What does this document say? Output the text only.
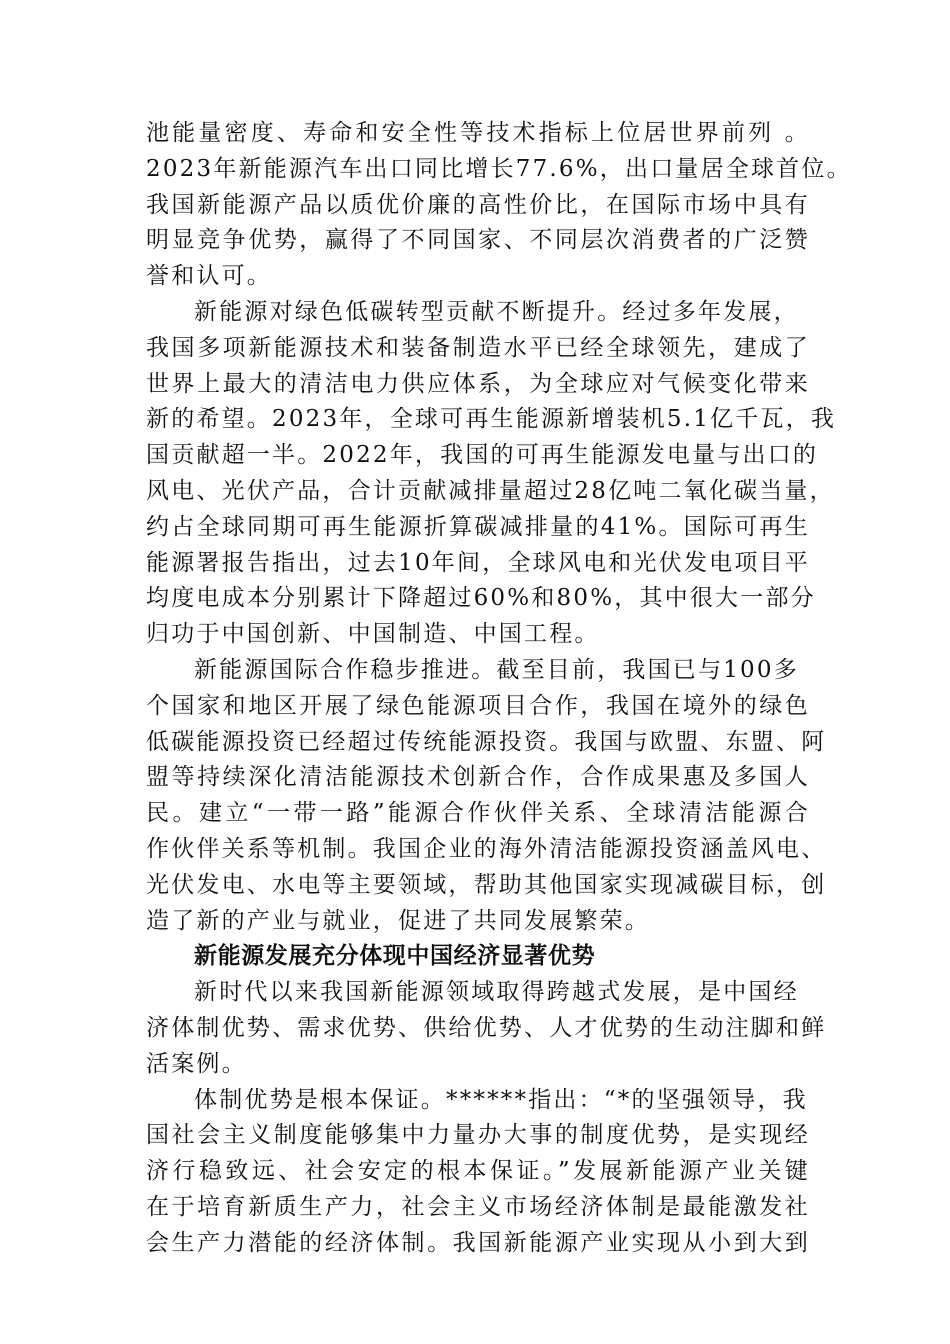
池能量密度、寿命和安全性等技术指标上位居世界前列 。
2023年新能源汽车出口同比增长77.6%，出口量居全球首位。
我国新能源产品以质优价廉的高性价比，在国际市场中具有
明显竞争优势，赢得了不同国家、不同层次消费者的广泛赞
誉和认可。
新能源对绿色低碳转型贡献不断提升。经过多年发展，
我国多项新能源技术和装备制造水平已经全球领先，建成了
世界上最大的清洁电力供应体系，为全球应对气候变化带来
新的希望。2023年，全球可再生能源新增装机5.1亿千瓦，我
国贡献超一半。2022年，我国的可再生能源发电量与出口的
风电、光伏产品，合计贡献减排量超过28亿吨二氧化碳当量，
约占全球同期可再生能源折算碳减排量的41%。国际可再生
能源署报告指出，过去10年间，全球风电和光伏发电项目平
均度电成本分别累计下降超过60%和80%，其中很大一部分
归功于中国创新、中国制造、中国工程。
新能源国际合作稳步推进。截至目前，我国已与100多
个国家和地区开展了绿色能源项目合作，我国在境外的绿色
低碳能源投资已经超过传统能源投资。我国与欧盟、东盟、阿
盟等持续深化清洁能源技术创新合作，合作成果惠及多国人
民。建立“一带一路”能源合作伙伴关系、全球清洁能源合
作伙伴关系等机制。我国企业的海外清洁能源投资涵盖风电、
光伏发电、水电等主要领域，帮助其他国家实现减碳目标，创
造了新的产业与就业，促进了共同发展繁荣。
新能源发展充分体现中国经济显著优势
新时代以来我国新能源领域取得跨越式发展，是中国经
济体制优势、需求优势、供给优势、人才优势的生动注脚和鲜
活案例。
体制优势是根本保证。******指出：“*的坚强领导，我
国社会主义制度能够集中力量办大事的制度优势，是实现经
济行稳致远、社会安定的根本保证。”发展新能源产业关键
在于培育新质生产力，社会主义市场经济体制是最能激发社
会生产力潜能的经济体制。我国新能源产业实现从小到大到
